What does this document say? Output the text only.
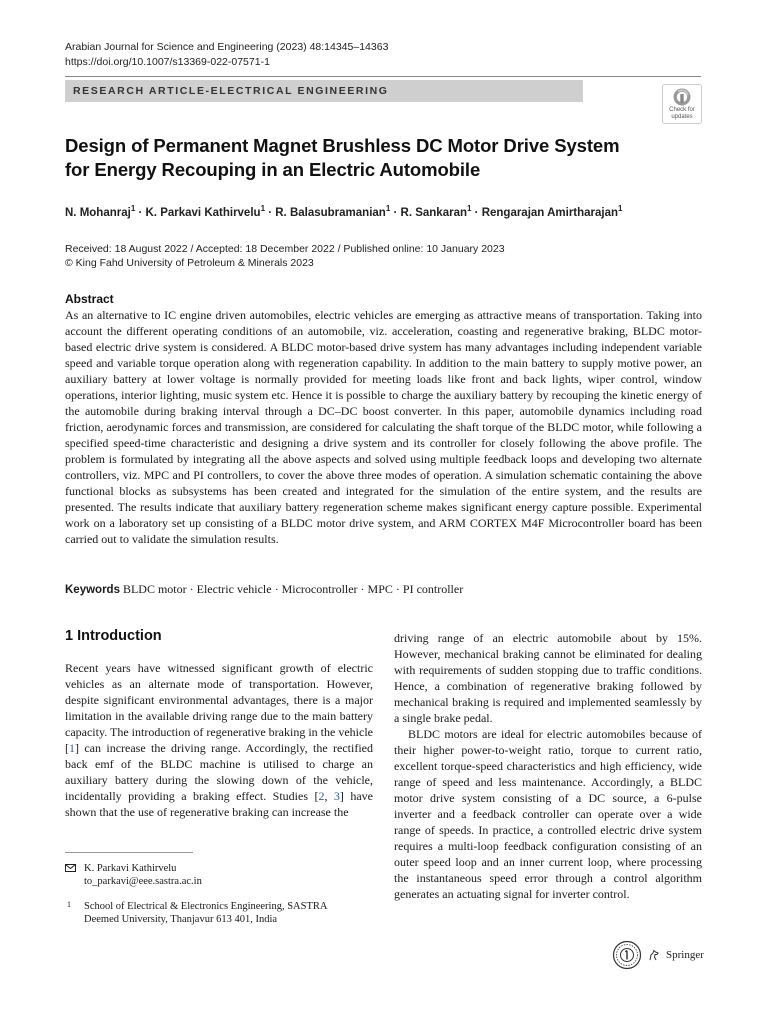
Arabian Journal for Science and Engineering (2023) 48:14345–14363
https://doi.org/10.1007/s13369-022-07571-1
RESEARCH ARTICLE-ELECTRICAL ENGINEERING
Check for
updates
Design of Permanent Magnet Brushless DC Motor Drive System for Energy Recouping in an Electric Automobile
N. Mohanraj$^1$ · K. Parkavi Kathirvelu$^1$ · R. Balasubramanian$^1$ · R. Sankaran$^1$ · Rengarajan Amirtharajan$^1$
Received: 18 August 2022 / Accepted: 18 December 2022 / Published online: 10 January 2023
© King Fahd University of Petroleum & Minerals 2023
Abstract

As an alternative to IC engine driven automobiles, electric vehicles are emerging as attractive means of transportation. Taking into account the different operating conditions of an automobile, viz. acceleration, coasting and regenerative braking, BLDC motor-based electric drive system is considered. A BLDC motor-based drive system has many advantages including independent variable speed and variable torque operation along with regeneration capability. In addition to the main battery to supply motive power, an auxiliary battery at lower voltage is normally provided for meeting loads like front and back lights, wiper control, window operations, interior lighting, music system etc. Hence it is possible to charge the auxiliary battery by recouping the kinetic energy of the automobile during braking interval through a DC–DC boost converter. In this paper, automobile dynamics including road friction, aerodynamic forces and transmission, are considered for calculating the shaft torque of the BLDC motor, while following a specified speed-time characteristic and designing a drive system and its controller for closely following the above profile. The problem is formulated by integrating all the above aspects and solved using multiple feedback loops and developing two alternate controllers, viz. MPC and PI controllers, to cover the above three modes of operation. A simulation schematic containing the above functional blocks as subsystems has been created and integrated for the simulation of the entire system, and the results are presented. The results indicate that auxiliary battery regeneration scheme makes significant energy capture possible. Experimental work on a laboratory set up consisting of a BLDC motor drive system, and ARM CORTEX M4F Microcontroller board has been carried out to validate the simulation results.

Keywords BLDC motor · Electric vehicle · Microcontroller · MPC · PI controller
1 Introduction

Recent years have witnessed significant growth of electric vehicles as an alternate mode of transportation. However, despite significant environmental advantages, there is a major limitation in the available driving range due to the main battery capacity. The introduction of regenerative braking in the vehicle [1] can increase the driving range. Accordingly, the rectified back emf of the BLDC machine is utilised to charge an auxiliary battery during the slowing down of the vehicle, incidentally providing a braking effect. Studies [2, 3] have shown that the use of regenerative braking can increase the

driving range of an electric automobile about by 15%. However, mechanical braking cannot be eliminated for dealing with requirements of sudden stopping due to traffic conditions. Hence, a combination of regenerative braking followed by mechanical braking is required and implemented seamlessly by a single brake pedal.

BLDC motors are ideal for electric automobiles because of their higher power-to-weight ratio, torque to current ratio, excellent torque-speed characteristics and high efficiency, wide range of speed and less maintenance. Accordingly, a BLDC motor drive system consisting of a DC source, a 6-pulse inverter and a feedback controller can operate over a wide range of speeds. In practice, a controlled electric drive system requires a multi-loop feedback configuration consisting of an outer speed loop and an inner current loop, where processing the instantaneous speed error through a control algorithm generates an actuating signal for inverter control.

K. Parkavi Kathirvelu
to_parkavi@eee.sastra.ac.in
1 School of Electrical & Electronics Engineering, SASTRA
Deemed University, Thanjavur 613 401, India
Springer
